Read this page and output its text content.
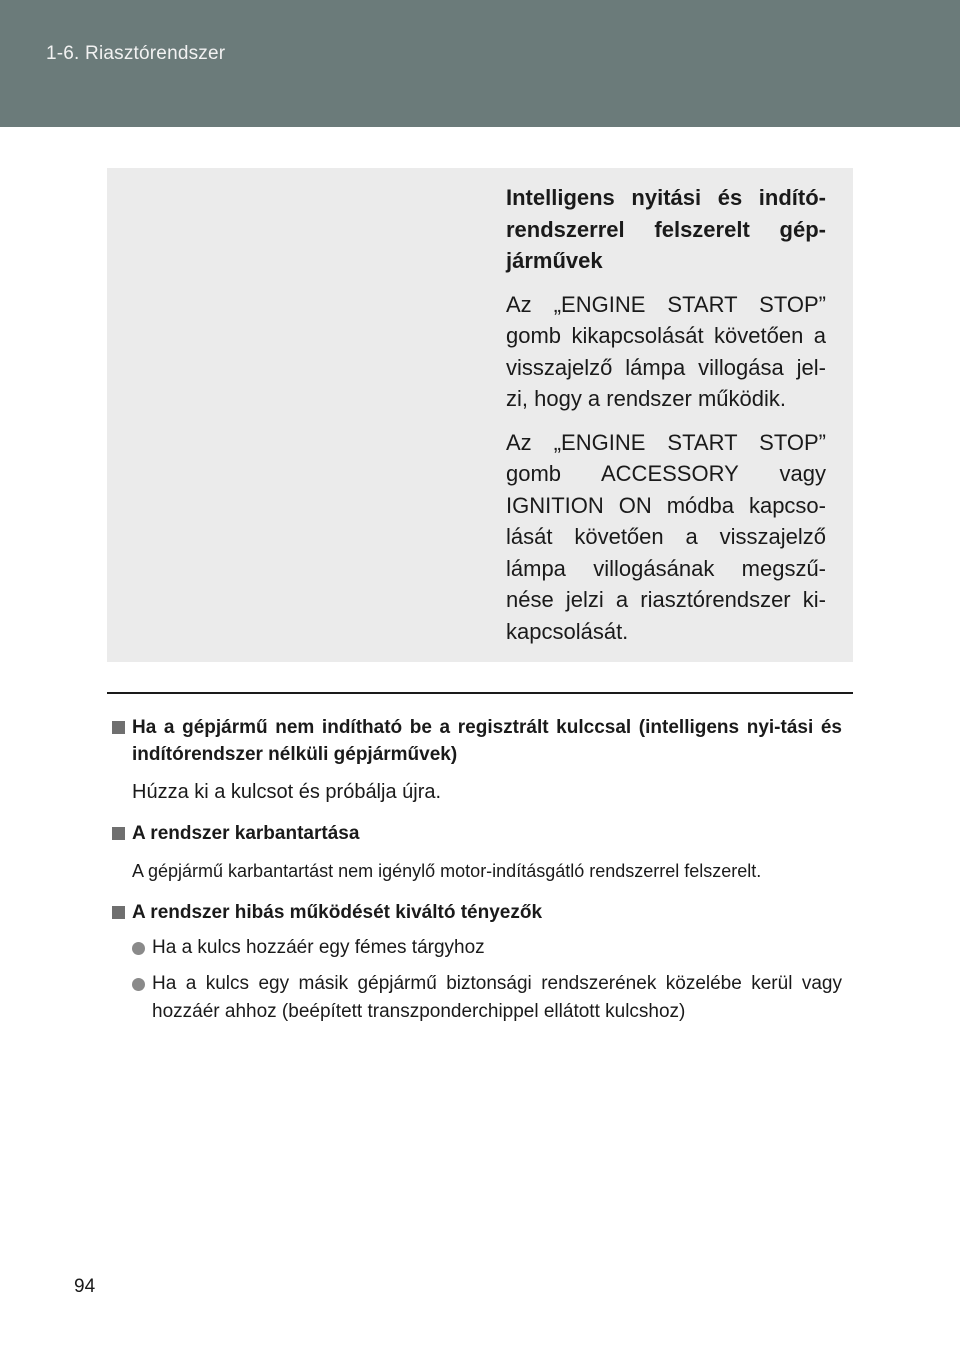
1-6. Riasztórendszer

Intelligens nyitási és indító-rendszerrel felszerelt gép-járművek

Az „ENGINE START STOP” gomb kikapcsolását követően a visszajelző lámpa villogása jel-zi, hogy a rendszer működik.

Az „ENGINE START STOP” gomb ACCESSORY vagy IGNITION ON módba kapcso-lását követően a visszajelző lámpa villogásának megszű-nése jelzi a riasztórendszer ki-kapcsolását.

Ha a gépjármű nem indítható be a regisztrált kulccsal (intelligens nyi-tási és indítórendszer nélküli gépjárművek)

Húzza ki a kulcsot és próbálja újra.

A rendszer karbantartása

A gépjármű karbantartást nem igénylő motor-indításgátló rendszerrel felszerelt.

A rendszer hibás működését kiváltó tényezők

Ha a kulcs hozzáér egy fémes tárgyhoz

Ha a kulcs egy másik gépjármű biztonsági rendszerének közelébe kerül vagy hozzáér ahhoz (beépített transzponderchippel ellátott kulcshoz)

94
